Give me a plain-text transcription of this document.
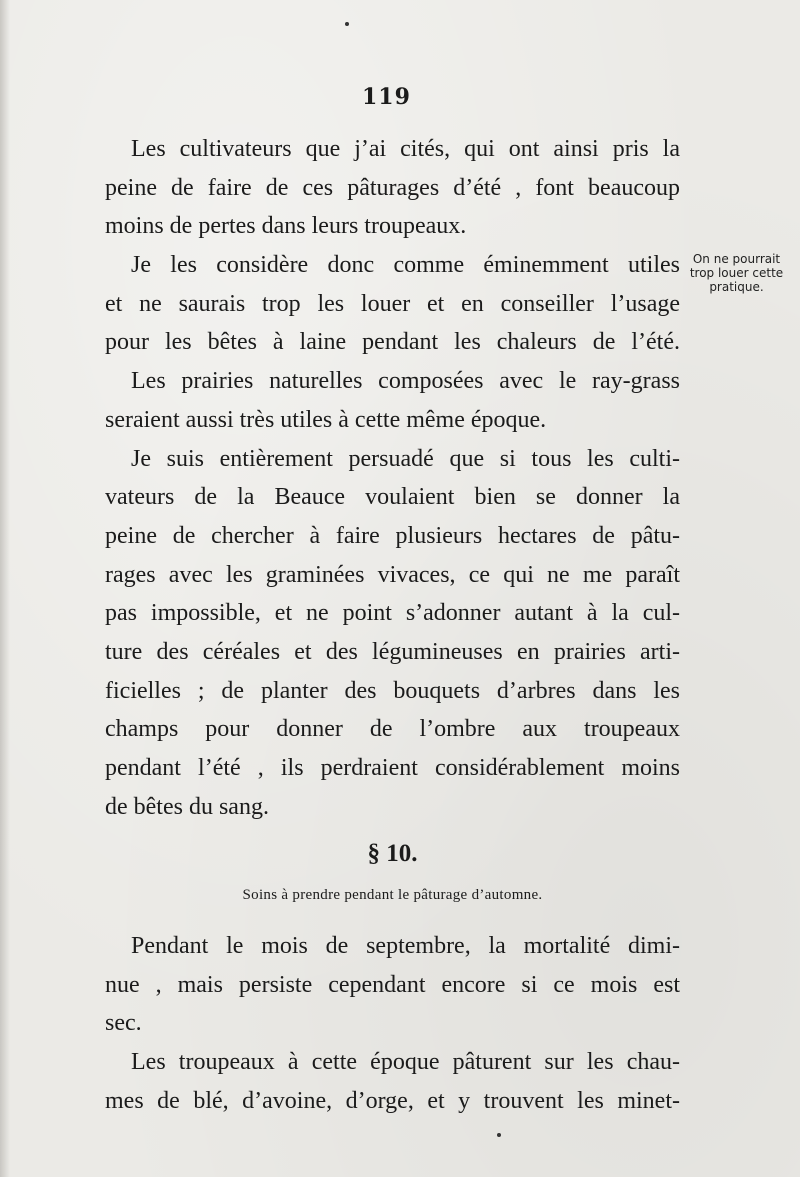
119
Les cultivateurs que j’ai cités, qui ont ainsi pris la
peine de faire de ces pâturages d’été , font beaucoup
moins de pertes dans leurs troupeaux.
Je les considère donc comme éminemment utiles
et ne saurais trop les louer et en conseiller l’usage
pour les bêtes à laine pendant les chaleurs de l’été.
Les prairies naturelles composées avec le ray-grass
seraient aussi très utiles à cette même époque.
Je suis entièrement persuadé que si tous les culti-
vateurs de la Beauce voulaient bien se donner la
peine de chercher à faire plusieurs hectares de pâtu-
rages avec les graminées vivaces, ce qui ne me paraît
pas impossible, et ne point s’adonner autant à la cul-
ture des céréales et des légumineuses en prairies arti-
ficielles ; de planter des bouquets d’arbres dans les
champs pour donner de l’ombre aux troupeaux
pendant l’été , ils perdraient considérablement moins
de bêtes du sang.
§ 10.
Soins à prendre pendant le pâturage d’automne.
Pendant le mois de septembre, la mortalité dimi-
nue , mais persiste cependant encore si ce mois est
sec.
Les troupeaux à cette époque pâturent sur les chau-
mes de blé, d’avoine, d’orge, et y trouvent les minet-
On ne pourrait
trop louer cette
pratique.
